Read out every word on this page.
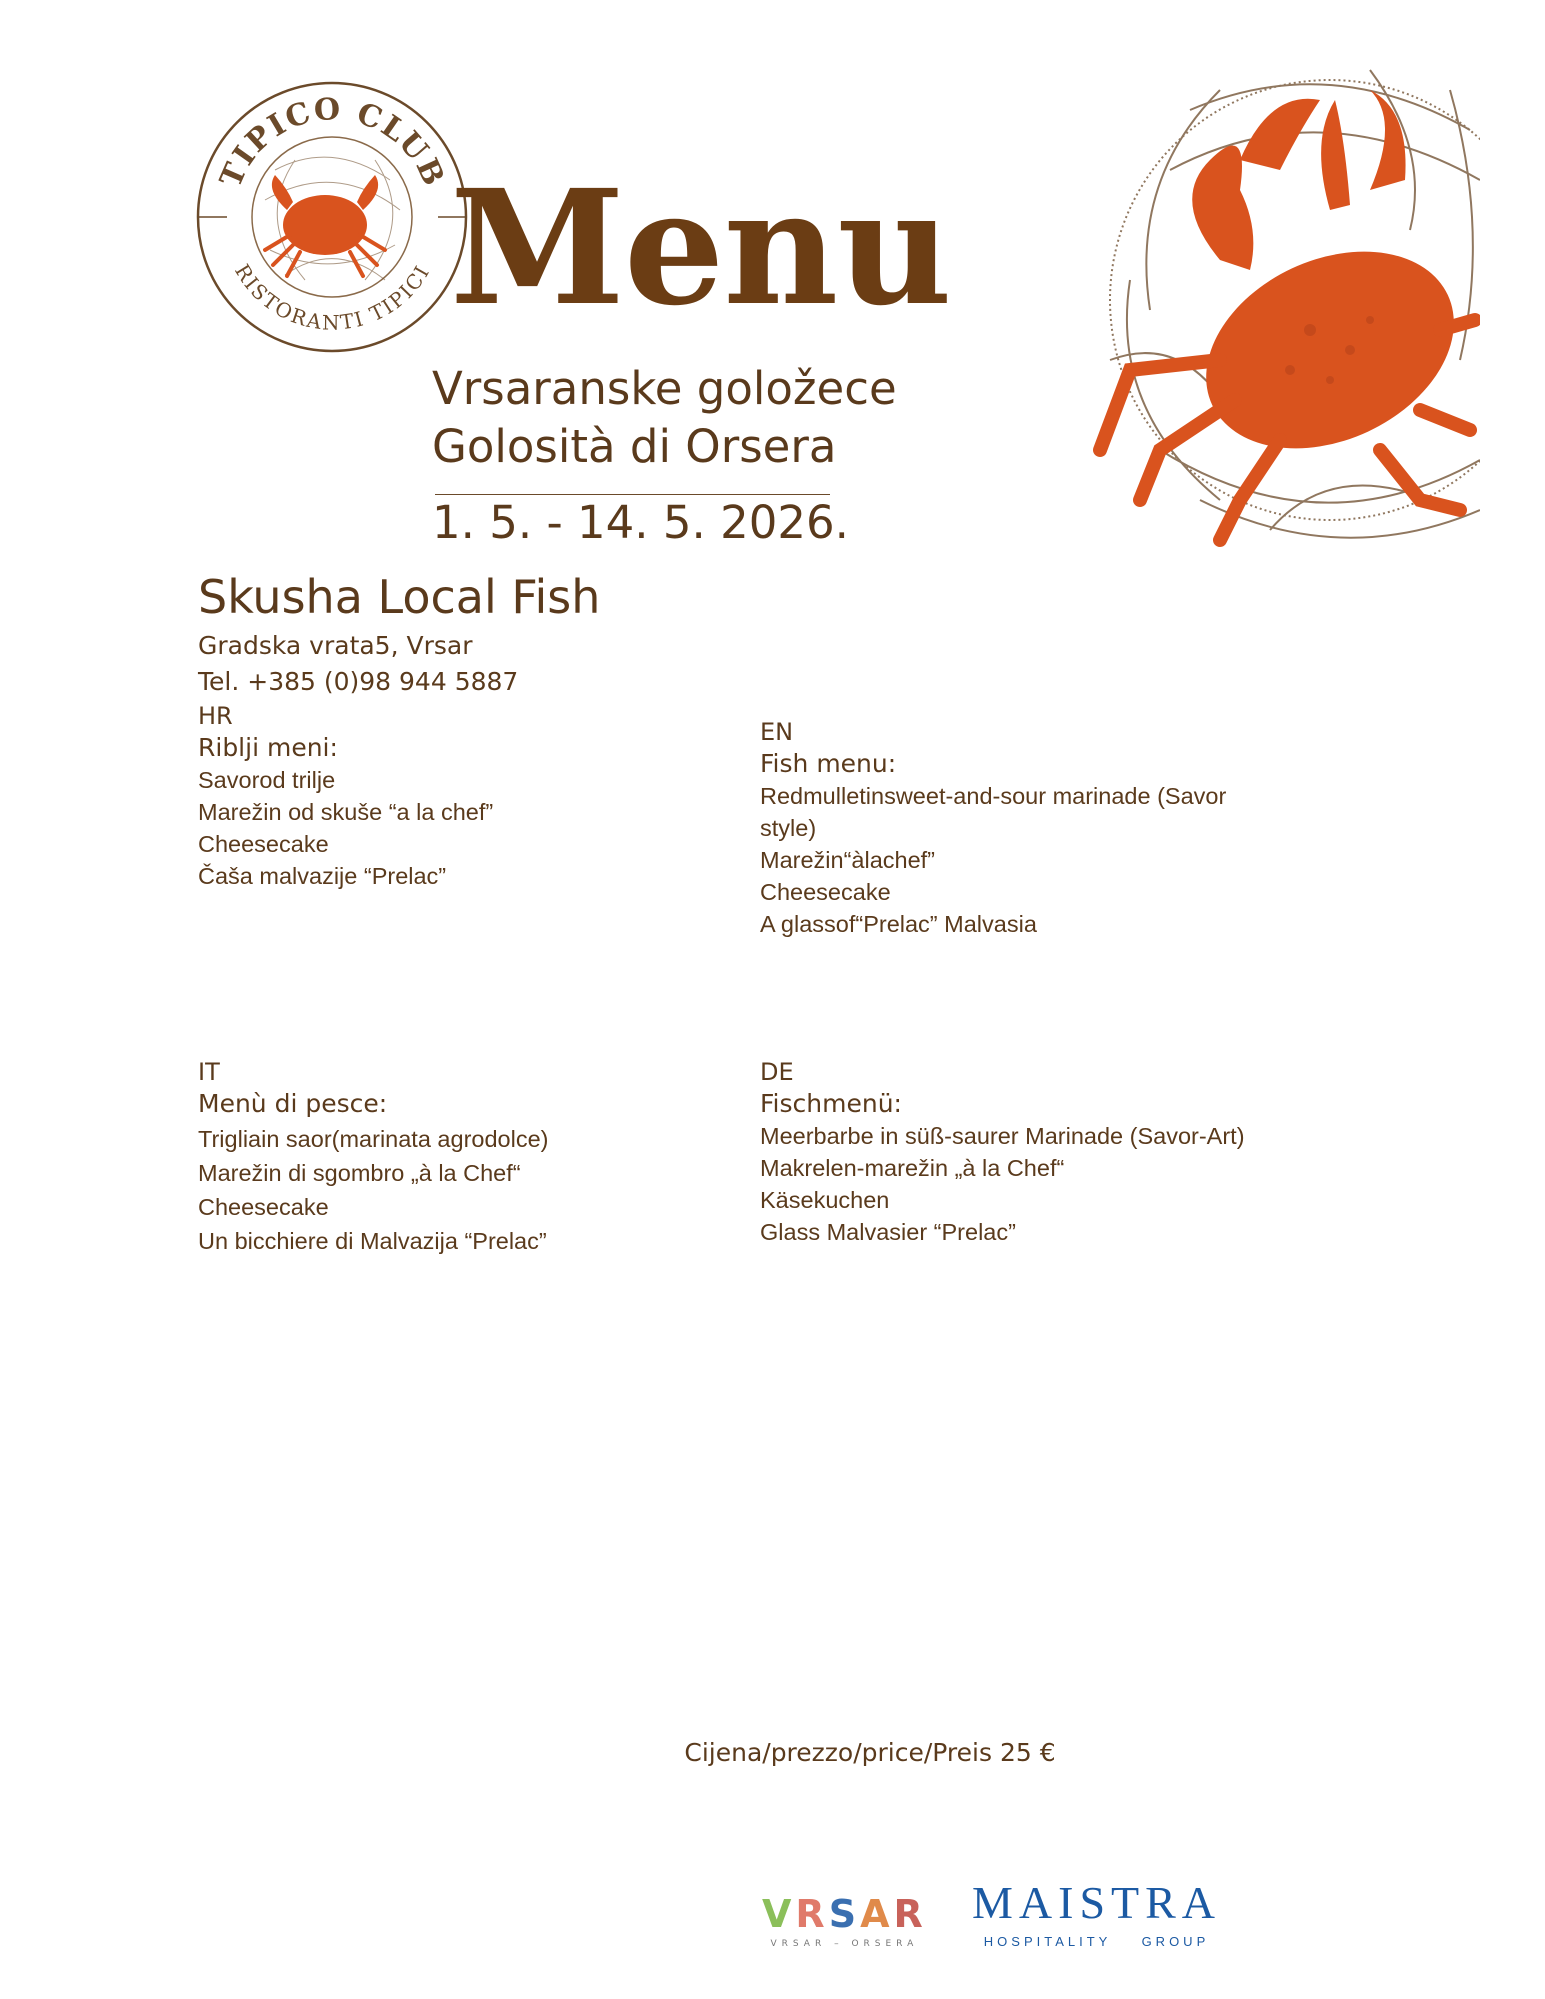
TIPICO CLUB
RISTORANTI TIPICI Menu
Vrsaranske goložece
Golosità di Orsera
1. 5. - 14. 5. 2026.
Skusha Local Fish
Gradska vrata5, Vrsar
Tel. +385 (0)98 944 5887
HR
Riblji meni:
Savorod trilje
Marežin od skuše “a la chef”
Cheesecake
Čaša malvazije “Prelac”
EN
Fish menu:
Redmulletinsweet-and-sour marinade (Savor
style)
Marežin“àlachef”
Cheesecake
A glassof“Prelac” Malvasia
IT
Menù di pesce:
Trigliain saor(marinata agrodolce)
Marežin di sgombro „à la Chef“
Cheesecake
Un bicchiere di Malvazija “Prelac”
DE
Fischmenü:
Meerbarbe in süß-saurer Marinade (Savor-Art)
Makrelen-marežin „à la Chef“
Käsekuchen
Glass Malvasier “Prelac”
Cijena/prezzo/price/Preis 25 €
VRSAR
VRSAR – ORSERA
MAISTRA
HOSPITALITY    GROUP
